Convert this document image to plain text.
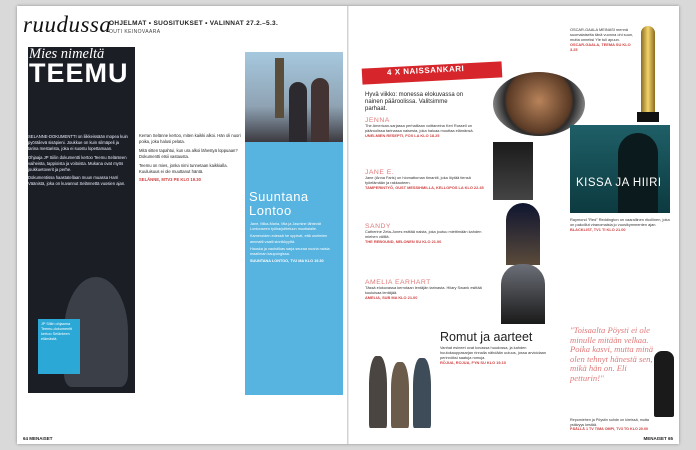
ruudussa
OHJELMAT • SUOSITUKSET • VALINNAT 27.2.–5.3.
OUTI KEINOVAARA
JP Siilin ohjaama Teemu-dokumentti kertoo Selänteen elämästä.
Mies nimeltä
TEEMU

SELANNE-DOKUMENTTI on liikkeissään mopea kuin pyöräilevä sisäpieni. Joukkue on kuin silmäpeli ja tarina mestarista, joka ei suostu lopettamaan.

Ohjaaja JP Siilin dokumentti kertoo Teemu Selänteen vaiheista, tappioista ja voitoista. Mukana ovat myös joukkuetoverit ja perhe.

Dokumentissa haastatellaan muun muassa Harri Väänistä, joka on kuvannut Selännettä vuosien ajan.

Kerran Selänne kertoo, miten kaikki alkoi. Hän oli nuori poika, joka halusi pelata.

Mitä sitten tapahtui, kun ura alkoi lähestyä loppuaan? Dokumentti etsii vastausta.

Teemu on mies, jonka nimi tunnetaan kaikkialla. Kuuluisuus ei ole muuttanut häntä.

SELÄNNE, MTV3 PE KLO 19.30

Suuntana Lontoo

Jane, Mika-Maria, Mia ja Jasmine lähtevät Lontooseen työharjoitteluun muotialalle.

Kameroiden edessä he oppivat, että unelmien ammatti vaatii sinnikkyyttä.

Hauska ja vauhdikas sarja seuraa nuoria naisia maailman kaupungissa.

SUUNTANA LONTOO, TV2 MA KLO 19.30

64 MENAISET	MENAISET 65
4 X NAISSANKARI
Hyvä viikko: monessa elokuvassa on nainen pääroolissa. Valitsimme parhaat.

JENNA

The American-sarjassa perhaillaan voittaneina Keri Russell on pääroolissa tarinassa naisesta, joka haluaa muuttaa elämänsä.

UNELMIEN RESEPTI, FOX LA KLO 18.25

JANE E.

Jane (Anna Faris) on hiomattoman timantti, joka löytää tiensä työelämään ja rakkauteen.

TAMPERINTYÖ, GUST MESSIHMILLA, KELLOPOS LA KLO 22.45

SANDY

Catherine Zeta-Jones esittää naista, joka joutuu miettimään kahden miehen välillä.

THE REBOUND, NELONEN SU KLO 21.00

AMELIA EARHART

Tässä elokuvassa kerrotaan lentäjän tarinasta. Hilary Swank esittää kuuluisaa lentäjää.

AMELIA, SUB MA KLO 21.00

Romut ja aarteet

Vanhat esineet ovat kovassa huudossa, ja kahden huutokauppasarjan rinnalla nähdään uutuus, jossa arvioidaan perinnöksi saatuja romuja.

RÖJUA, ROJUA, FYN SU KLO 19.10

OSCAR-GAALA MEINASI mennä suomalaiselta tänä vuonna ohi suun, mutta onneksi Yle tuli apuun.

OSCAR-GAALA, TEEMA SU KLO 3.25

KISSA JA HIIRI

Raymond "Red" Reddington on vaarallinen rikollinen, joka on pakoillut viranomaisia jo vuosikymmenten ajan.

BLACKLIST, TV1 TI KLO 21.00

"Toisaalta Pöysti ei ole minulle mitään velkaa. Poika kasvi, mutta minä olen tehnyt hänestä sen, mikä hän on. Eli petturin!"

Repomiehen ja Pöystin suhde on kireissä, mutta ystävyys kestää.

PÄÄLLÄ 1 TV TIMA OMPI, TV3 TO KLO 20.00
